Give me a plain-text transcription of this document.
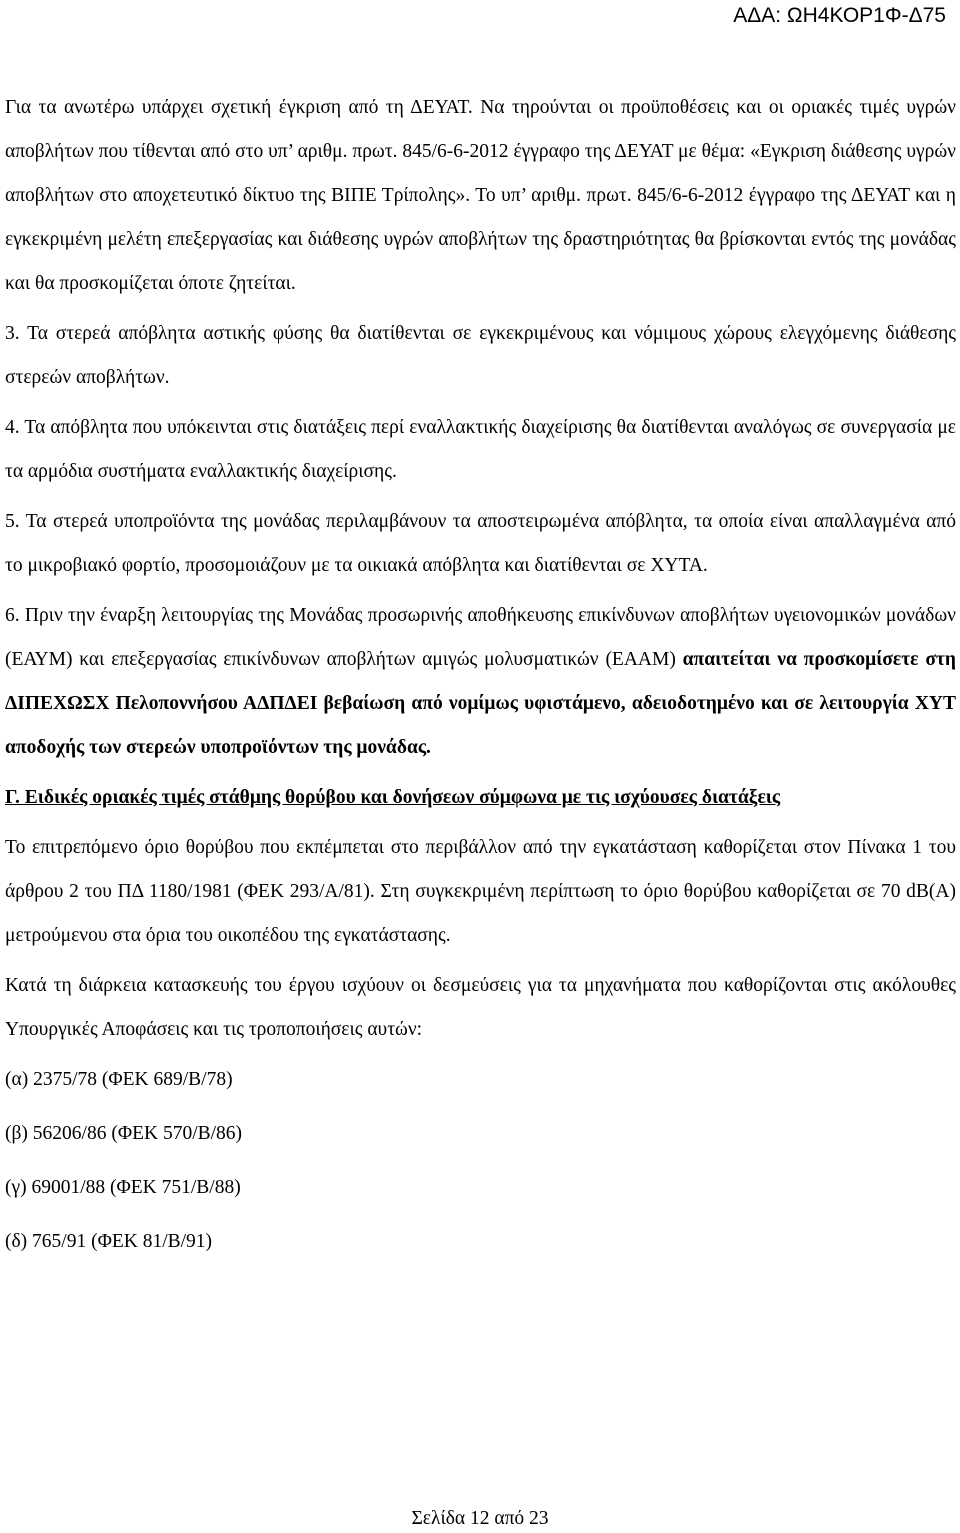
ΑΔΑ: ΩΗ4ΚΟΡ1Φ-Δ75

Για τα ανωτέρω υπάρχει σχετική έγκριση από τη ΔΕΥΑΤ. Να τηρούνται οι προϋποθέσεις και οι οριακές τιμές υγρών αποβλήτων που τίθενται από στο υπ’ αριθμ. πρωτ. 845/6-6-2012 έγγραφο της ΔΕΥΑΤ με θέμα: «Εγκριση διάθεσης υγρών αποβλήτων στο αποχετευτικό δίκτυο της ΒΙΠΕ Τρίπολης». Το υπ’ αριθμ. πρωτ. 845/6-6-2012 έγγραφο της ΔΕΥΑΤ και η εγκεκριμένη μελέτη επεξεργασίας και διάθεσης υγρών αποβλήτων της δραστηριότητας θα βρίσκονται εντός της μονάδας και θα προσκομίζεται όποτε ζητείται.

3. Τα στερεά απόβλητα αστικής φύσης θα διατίθενται σε εγκεκριμένους και νόμιμους χώρους ελεγχόμενης διάθεσης στερεών αποβλήτων.

4. Τα απόβλητα που υπόκεινται στις διατάξεις περί εναλλακτικής διαχείρισης θα διατίθενται αναλόγως σε συνεργασία με τα αρμόδια συστήματα εναλλακτικής διαχείρισης.

5. Τα στερεά υποπροϊόντα της μονάδας περιλαμβάνουν τα αποστειρωμένα απόβλητα, τα οποία είναι απαλλαγμένα από το μικροβιακό φορτίο, προσομοιάζουν με τα οικιακά απόβλητα και διατίθενται σε ΧΥΤΑ.

6. Πριν την έναρξη λειτουργίας της Μονάδας προσωρινής αποθήκευσης επικίνδυνων αποβλήτων υγειονομικών μονάδων (ΕΑΥΜ) και επεξεργασίας επικίνδυνων αποβλήτων αμιγώς μολυσματικών (ΕΑΑΜ) απαιτείται να προσκομίσετε στη ΔΙΠΕΧΩΣΧ Πελοποννήσου ΑΔΠΔΕΙ βεβαίωση από νομίμως υφιστάμενο, αδειοδοτημένο και σε λειτουργία ΧΥΤ αποδοχής των στερεών υποπροϊόντων της μονάδας.

Γ. Ειδικές οριακές τιμές στάθμης θορύβου και δονήσεων σύμφωνα με τις ισχύουσες διατάξεις

Το επιτρεπόμενο όριο θορύβου που εκπέμπεται στο περιβάλλον από την εγκατάσταση καθορίζεται στον Πίνακα 1 του άρθρου 2 του ΠΔ 1180/1981 (ΦΕΚ 293/Α/81). Στη συγκεκριμένη περίπτωση το όριο θορύβου καθορίζεται σε 70 dB(A) μετρούμενου στα όρια του οικοπέδου της εγκατάστασης.

Κατά τη διάρκεια κατασκευής του έργου ισχύουν οι δεσμεύσεις για τα μηχανήματα που καθορίζονται στις ακόλουθες Υπουργικές Αποφάσεις και τις τροποποιήσεις αυτών:

(α) 2375/78 (ΦΕΚ 689/Β/78)

(β) 56206/86 (ΦΕΚ 570/Β/86)

(γ) 69001/88 (ΦΕΚ 751/Β/88)

(δ) 765/91 (ΦΕΚ 81/Β/91)

Σελίδα 12 από 23
